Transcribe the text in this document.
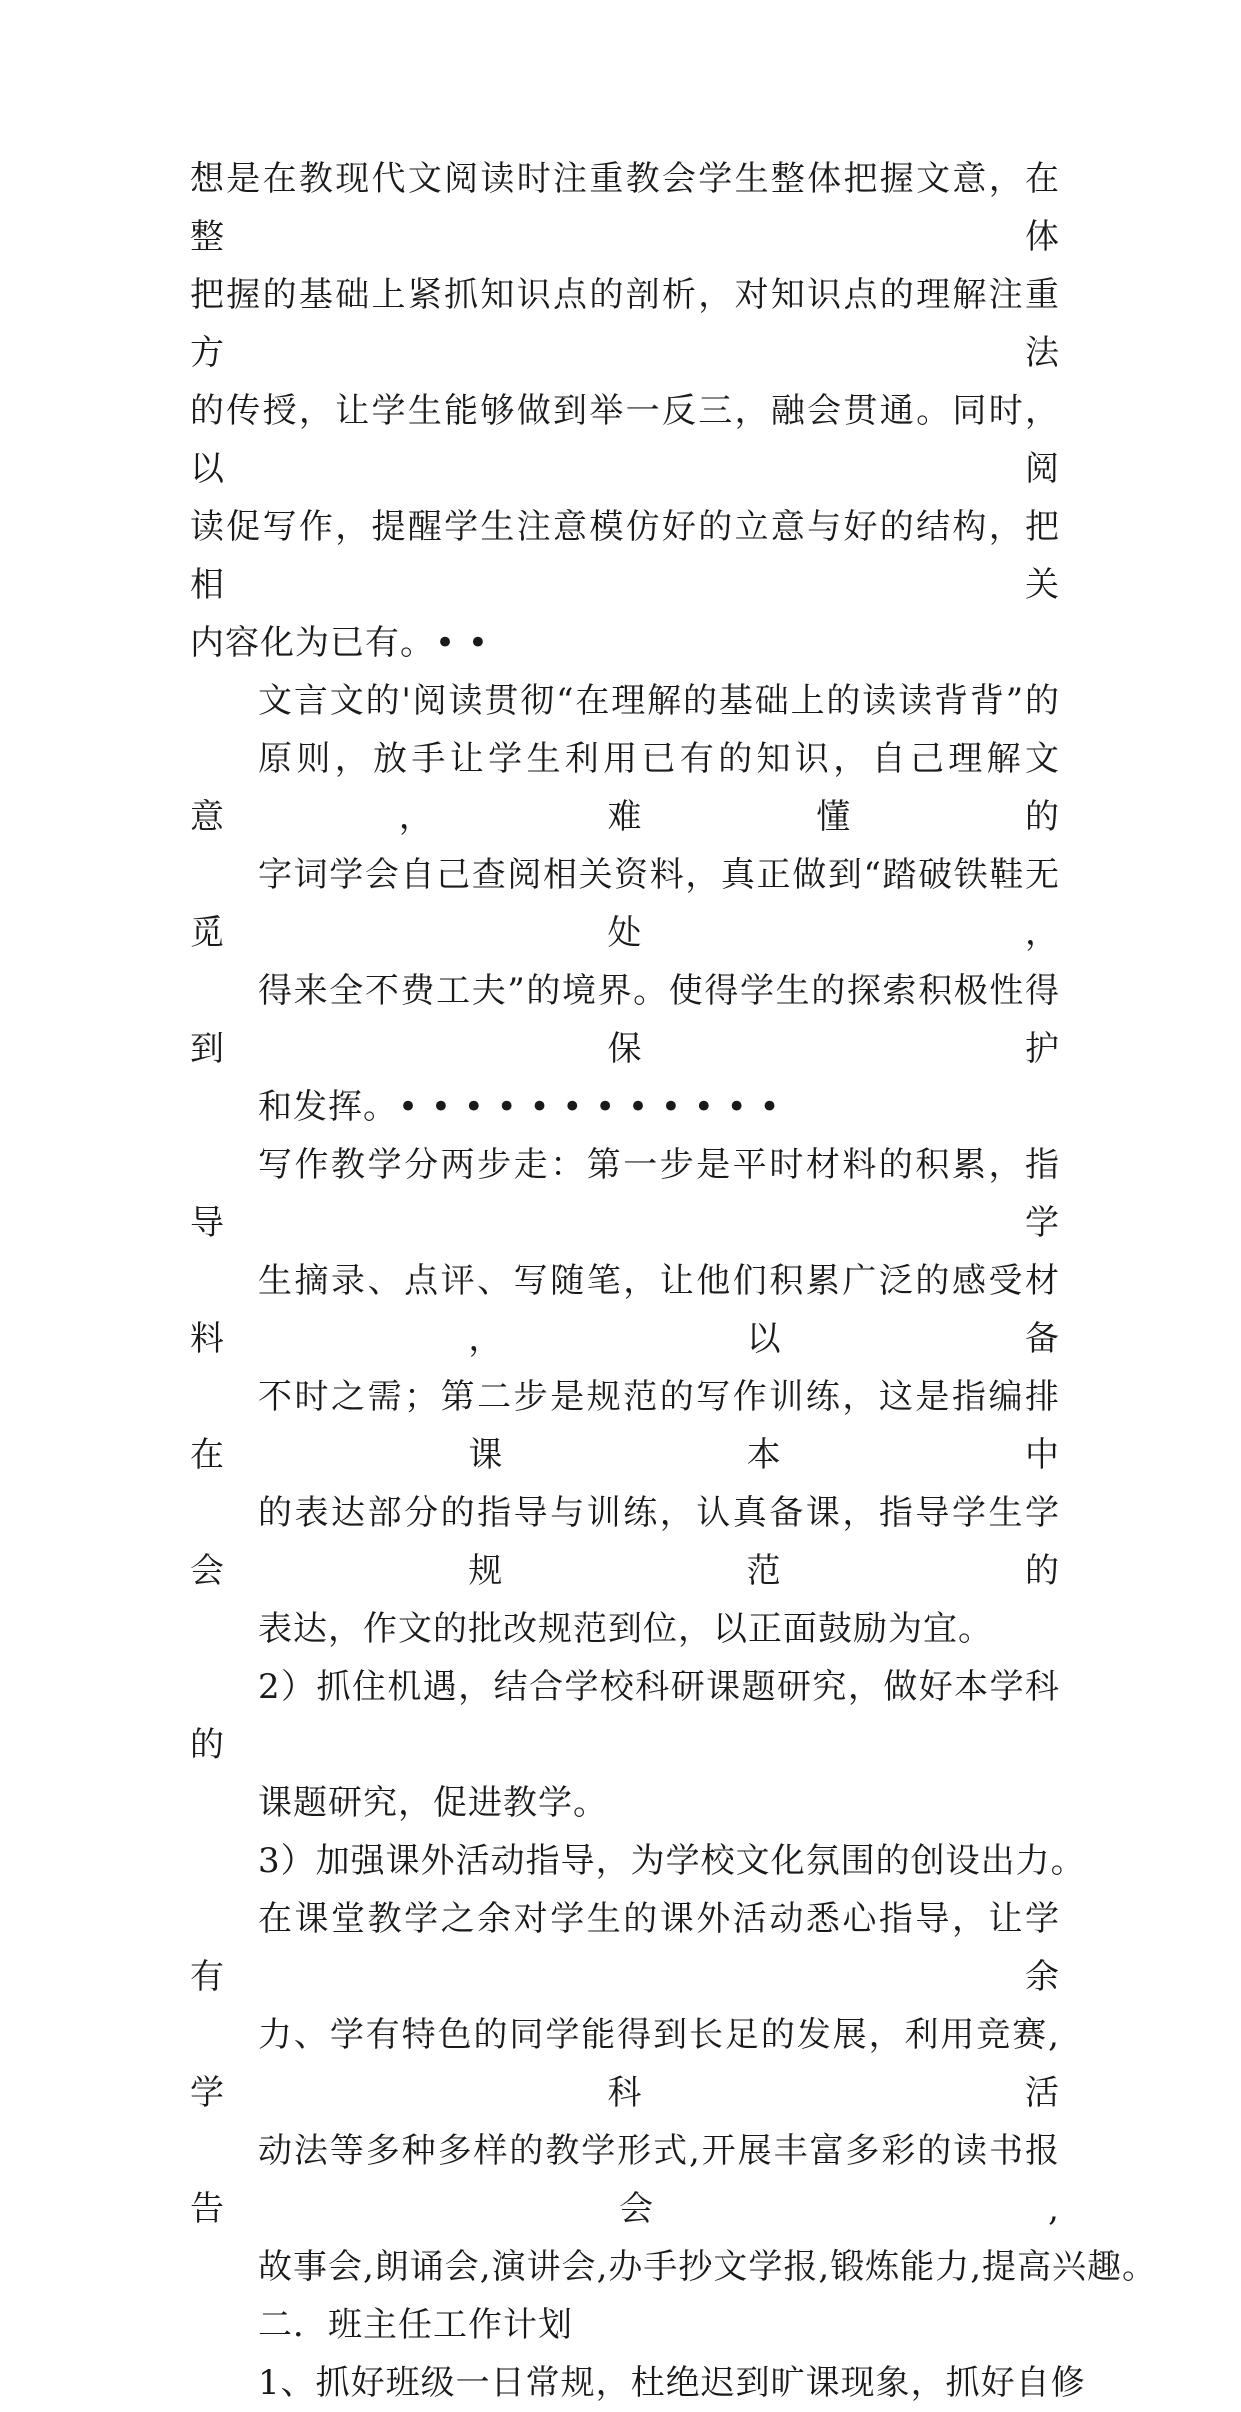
想是在教现代文阅读时注重教会学生整体把握文意，在整体
把握的基础上紧抓知识点的剖析，对知识点的理解注重方法
的传授，让学生能够做到举一反三，融会贯通。同时，以阅
读促写作，提醒学生注意模仿好的立意与好的结构，把相关
内容化为已有。• •

文言文的'阅读贯彻“在理解的基础上的读读背背”的
原则，放手让学生利用已有的知识，自己理解文意，难懂的
字词学会自己查阅相关资料，真正做到“踏破铁鞋无觅处，
得来全不费工夫”的境界。使得学生的探索积极性得到保护
和发挥。• • • • • • • • • • • •

写作教学分两步走：第一步是平时材料的积累，指导学
生摘录、点评、写随笔，让他们积累广泛的感受材料，以备
不时之需；第二步是规范的写作训练，这是指编排在课本中
的表达部分的指导与训练，认真备课，指导学生学会规范的
表达，作文的批改规范到位，以正面鼓励为宜。

2）抓住机遇，结合学校科研课题研究，做好本学科的
课题研究，促进教学。

3）加强课外活动指导，为学校文化氛围的创设出力。

在课堂教学之余对学生的课外活动悉心指导，让学有余
力、学有特色的同学能得到长足的发展，利用竞赛,学科活
动法等多种多样的教学形式,开展丰富多彩的读书报告会,
故事会,朗诵会,演讲会,办手抄文学报,锻炼能力,提高兴趣。

二．班主任工作计划

1、抓好班级一日常规，杜绝迟到旷课现象，抓好自修
